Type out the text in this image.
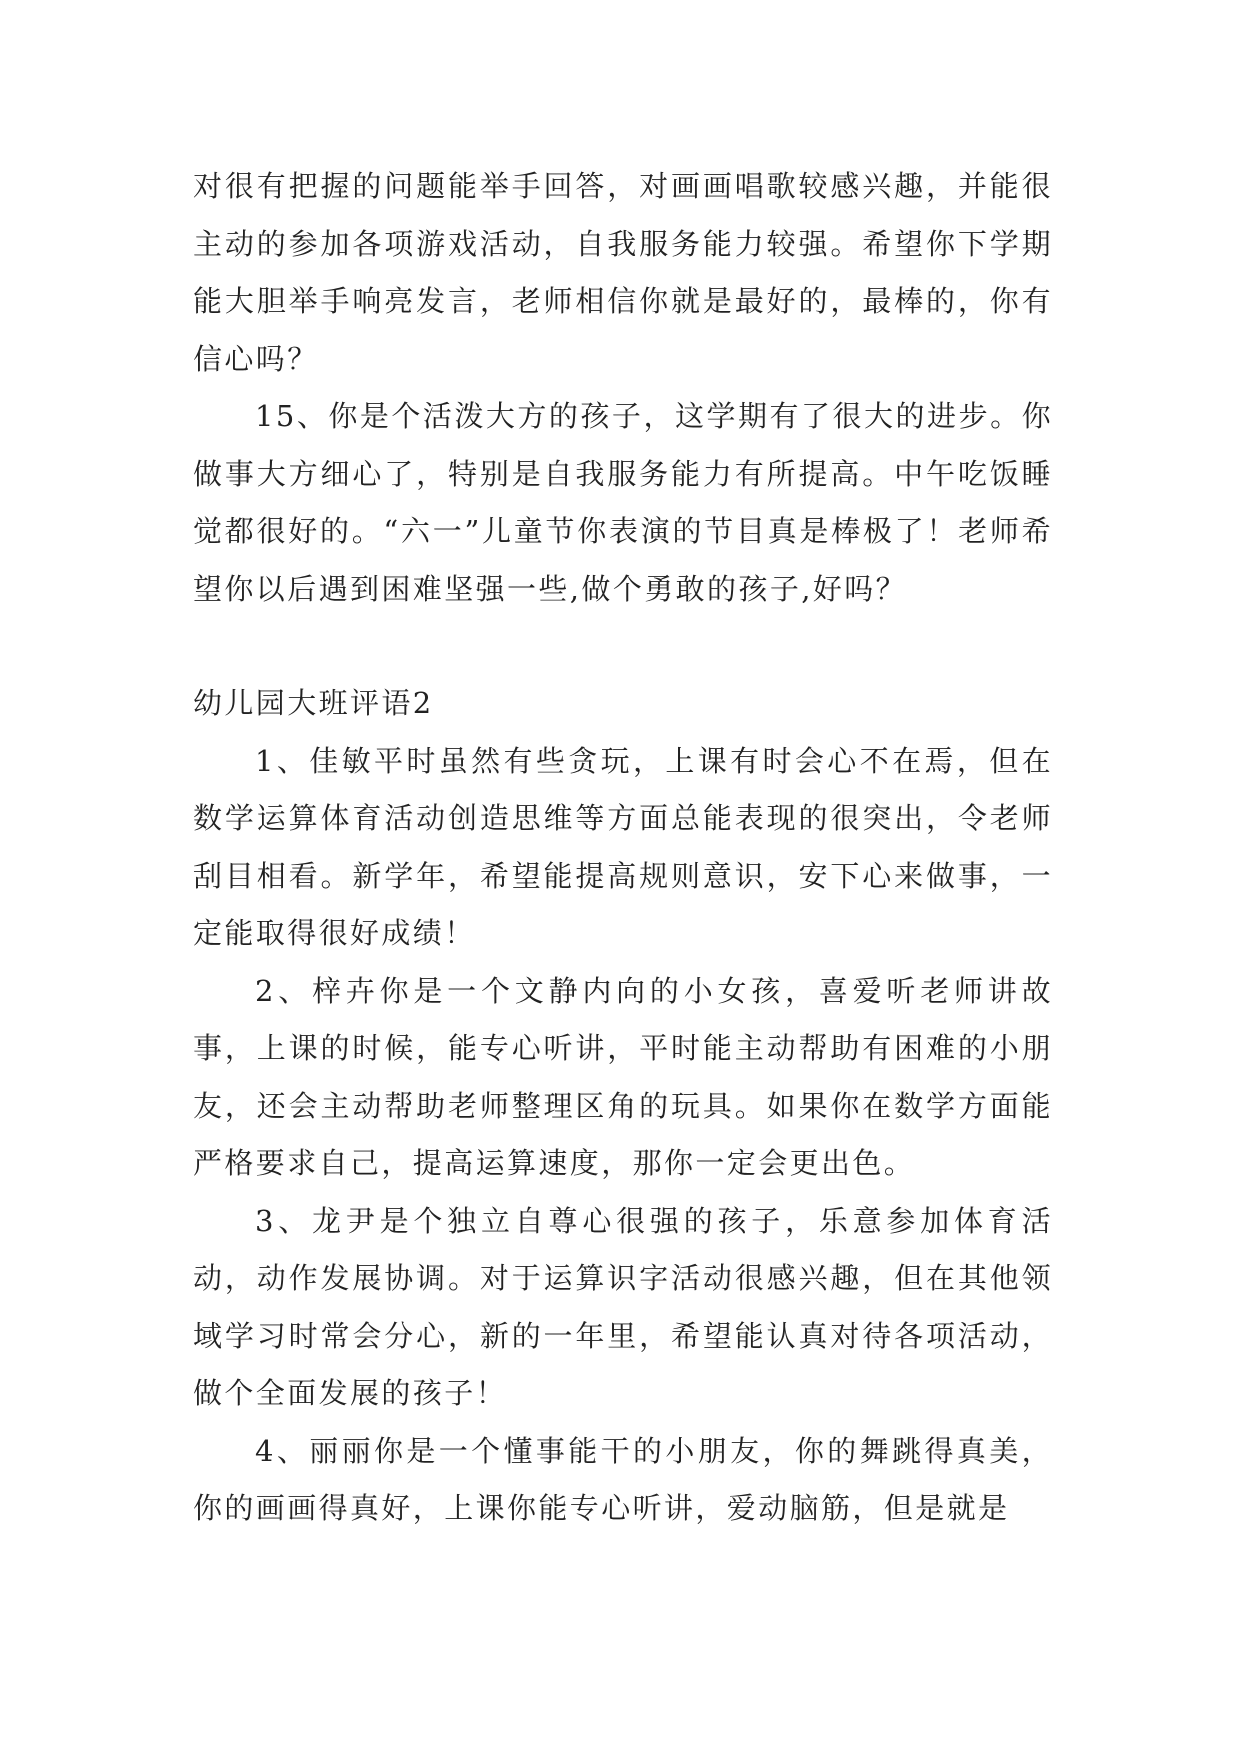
对很有把握的问题能举手回答，对画画唱歌较感兴趣，并能很主动的参加各项游戏活动，自我服务能力较强。希望你下学期能大胆举手响亮发言，老师相信你就是最好的，最棒的，你有信心吗？

15、你是个活泼大方的孩子，这学期有了很大的进步。你做事大方细心了，特别是自我服务能力有所提高。中午吃饭睡觉都很好的。“六一”儿童节你表演的节目真是棒极了！老师希望你以后遇到困难坚强一些,做个勇敢的孩子,好吗？

幼儿园大班评语2

1、佳敏平时虽然有些贪玩，上课有时会心不在焉，但在数学运算体育活动创造思维等方面总能表现的很突出，令老师刮目相看。新学年，希望能提高规则意识，安下心来做事，一定能取得很好成绩！

2、梓卉你是一个文静内向的小女孩，喜爱听老师讲故事，上课的时候，能专心听讲，平时能主动帮助有困难的小朋友，还会主动帮助老师整理区角的玩具。如果你在数学方面能严格要求自己，提高运算速度，那你一定会更出色。

3、龙尹是个独立自尊心很强的孩子，乐意参加体育活动，动作发展协调。对于运算识字活动很感兴趣，但在其他领域学习时常会分心，新的一年里，希望能认真对待各项活动，做个全面发展的孩子！

4、丽丽你是一个懂事能干的小朋友，你的舞跳得真美，你的画画得真好，上课你能专心听讲，爱动脑筋，但是就是
